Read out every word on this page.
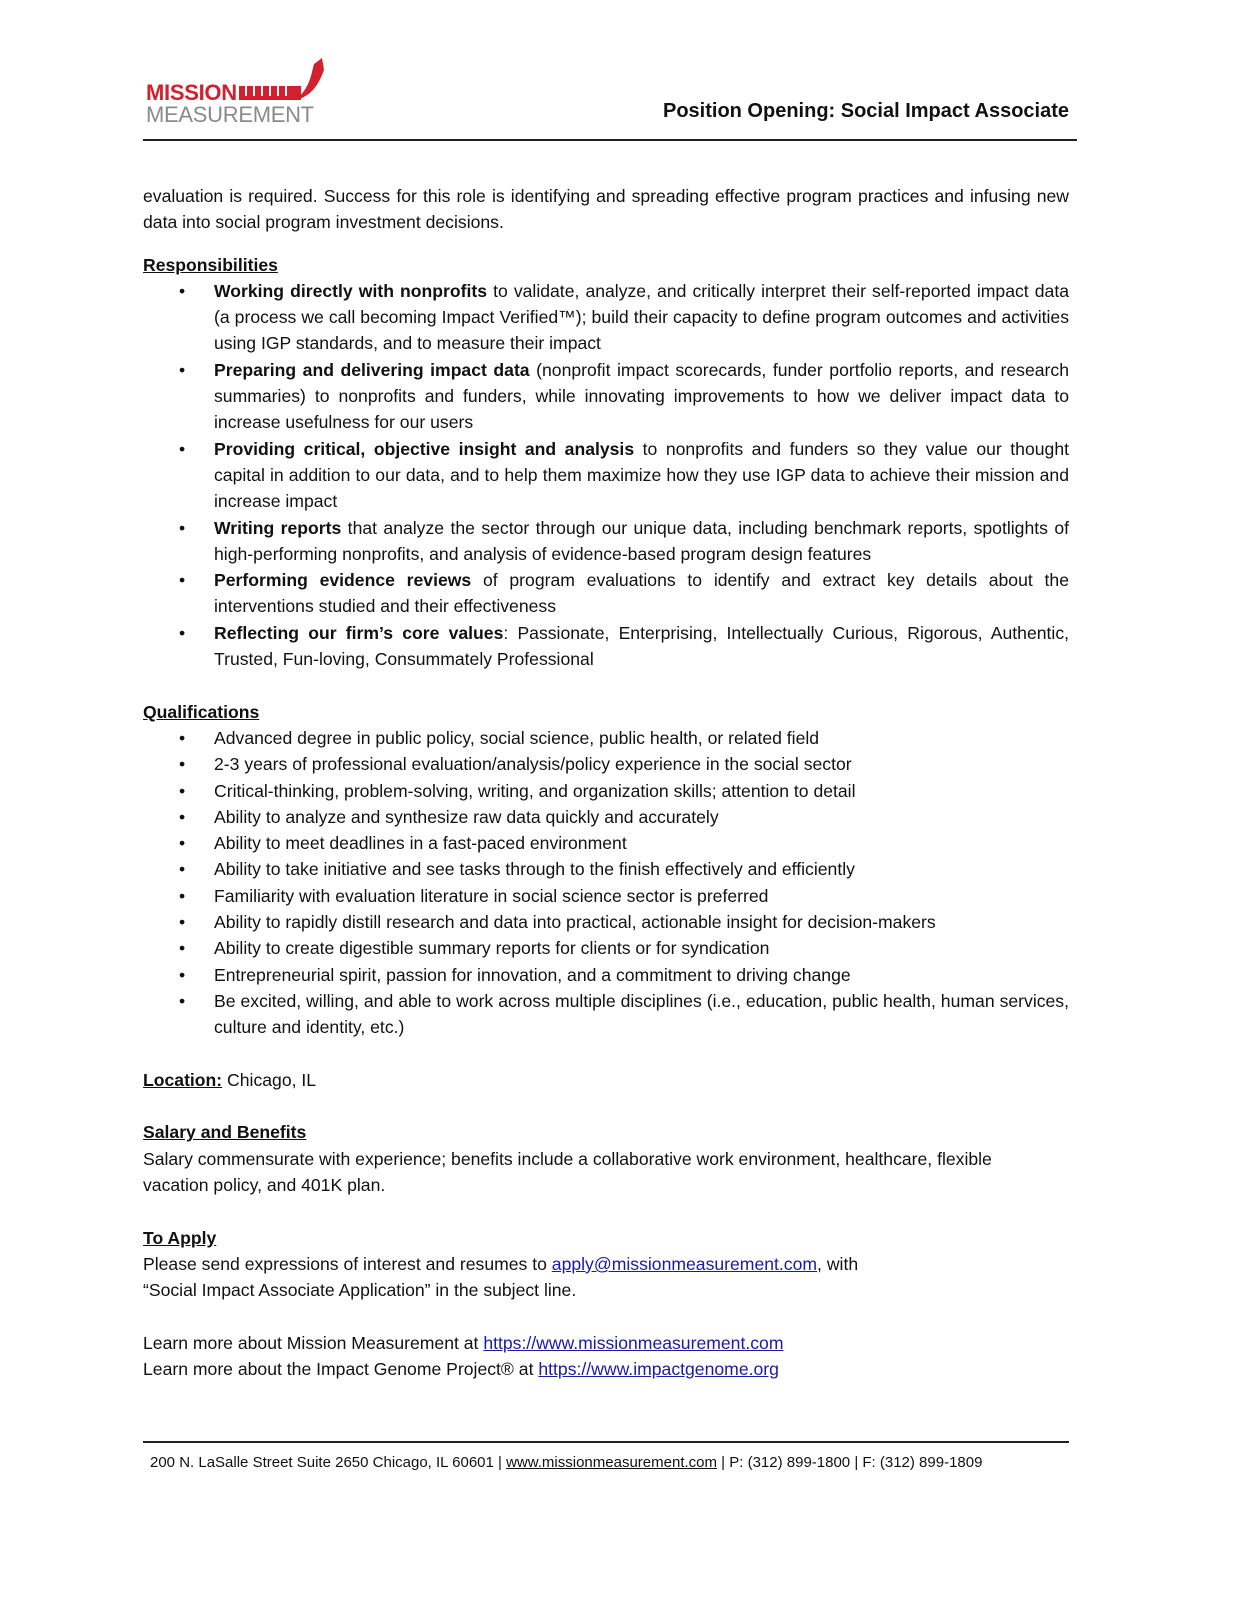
MISSION
MEASUREMENT	Position Opening: Social Impact Associate

evaluation is required. Success for this role is identifying and spreading effective program practices and infusing new data into social program investment decisions.

Responsibilities
• Working directly with nonprofits to validate, analyze, and critically interpret their self-reported impact data (a process we call becoming Impact Verified™); build their capacity to define program outcomes and activities using IGP standards, and to measure their impact
• Preparing and delivering impact data (nonprofit impact scorecards, funder portfolio reports, and research summaries) to nonprofits and funders, while innovating improvements to how we deliver impact data to increase usefulness for our users
• Providing critical, objective insight and analysis to nonprofits and funders so they value our thought capital in addition to our data, and to help them maximize how they use IGP data to achieve their mission and increase impact
• Writing reports that analyze the sector through our unique data, including benchmark reports, spotlights of high-performing nonprofits, and analysis of evidence-based program design features
• Performing evidence reviews of program evaluations to identify and extract key details about the interventions studied and their effectiveness
• Reflecting our firm’s core values: Passionate, Enterprising, Intellectually Curious, Rigorous, Authentic, Trusted, Fun-loving, Consummately Professional
Qualifications
• Advanced degree in public policy, social science, public health, or related field
• 2-3 years of professional evaluation/analysis/policy experience in the social sector
• Critical-thinking, problem-solving, writing, and organization skills; attention to detail
• Ability to analyze and synthesize raw data quickly and accurately
• Ability to meet deadlines in a fast-paced environment
• Ability to take initiative and see tasks through to the finish effectively and efficiently
• Familiarity with evaluation literature in social science sector is preferred
• Ability to rapidly distill research and data into practical, actionable insight for decision-makers
• Ability to create digestible summary reports for clients or for syndication
• Entrepreneurial spirit, passion for innovation, and a commitment to driving change
• Be excited, willing, and able to work across multiple disciplines (i.e., education, public health, human services, culture and identity, etc.)

Location: Chicago, IL

Salary and Benefits

Salary commensurate with experience; benefits include a collaborative work environment, healthcare, flexible vacation policy, and 401K plan.

To Apply

Please send expressions of interest and resumes to apply@missionmeasurement.com, with
“Social Impact Associate Application” in the subject line.

Learn more about Mission Measurement at https://www.missionmeasurement.com

Learn more about the Impact Genome Project® at https://www.impactgenome.org

200 N. LaSalle Street Suite 2650 Chicago, IL 60601 | www.missionmeasurement.com | P: (312) 899-1800 | F: (312) 899-1809
